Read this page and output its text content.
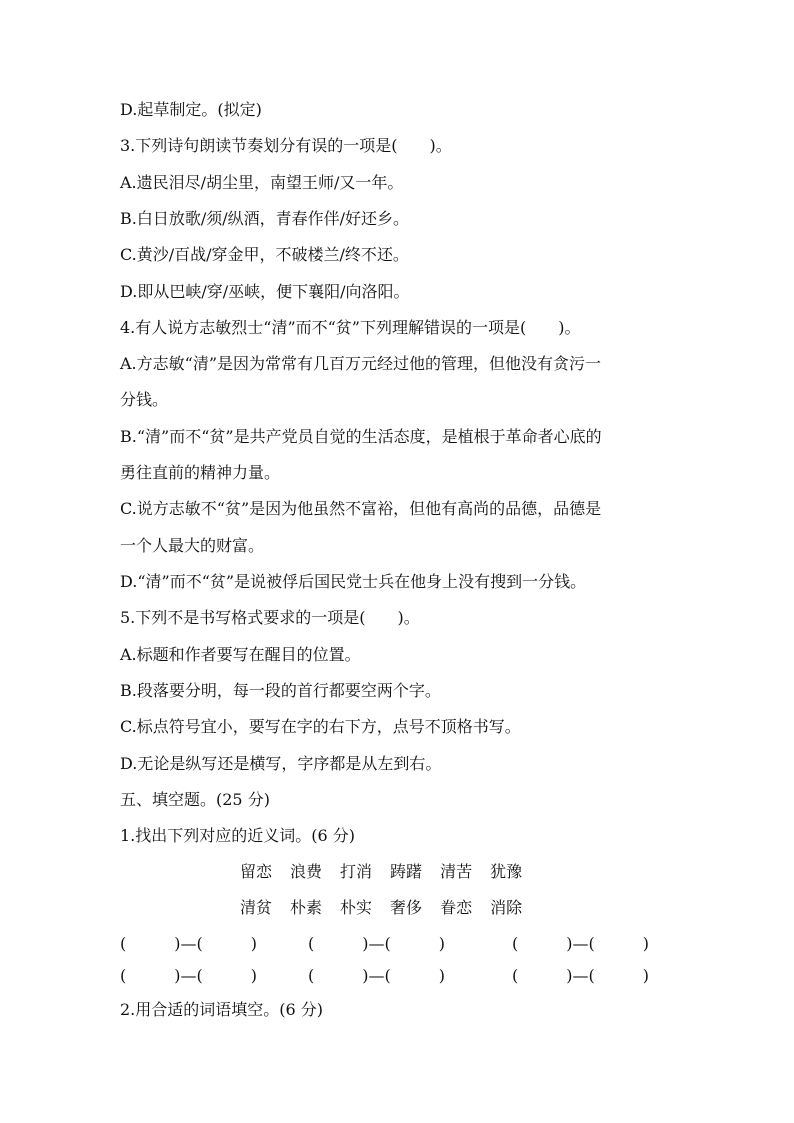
D.起草制定。(拟定)
3.下列诗句朗读节奏划分有误的一项是(　　)。
A.遗民泪尽/胡尘里，南望王师/又一年。
B.白日放歌/须/纵酒，青春作伴/好还乡。
C.黄沙/百战/穿金甲，不破楼兰/终不还。
D.即从巴峡/穿/巫峡，便下襄阳/向洛阳。
4.有人说方志敏烈士“清”而不“贫”下列理解错误的一项是(　　)。
A.方志敏“清”是因为常常有几百万元经过他的管理，但他没有贪污一
分钱。
B.“清”而不“贫”是共产党员自觉的生活态度，是植根于革命者心底的
勇往直前的精神力量。
C.说方志敏不“贫”是因为他虽然不富裕，但他有高尚的品德，品德是
一个人最大的财富。
D.“清”而不“贫”是说被俘后国民党士兵在他身上没有搜到一分钱。
5.下列不是书写格式要求的一项是(　　)。
A.标题和作者要写在醒目的位置。
B.段落要分明，每一段的首行都要空两个字。
C.标点符号宜小，要写在字的右下方，点号不顶格书写。
D.无论是纵写还是横写，字序都是从左到右。
五、填空题。(25 分)
1.找出下列对应的近义词。(6 分)
留恋 浪费 打消 踌躇 清苦 犹豫
清贫 朴素 朴实 奢侈 眷恋 消除
(　　　)—(　　　)	(　　　)—(　　　)	(　　　)—(　　　)
(　　　)—(　　　)	(　　　)—(　　　)	(　　　)—(　　　)
2.用合适的词语填空。(6 分)
